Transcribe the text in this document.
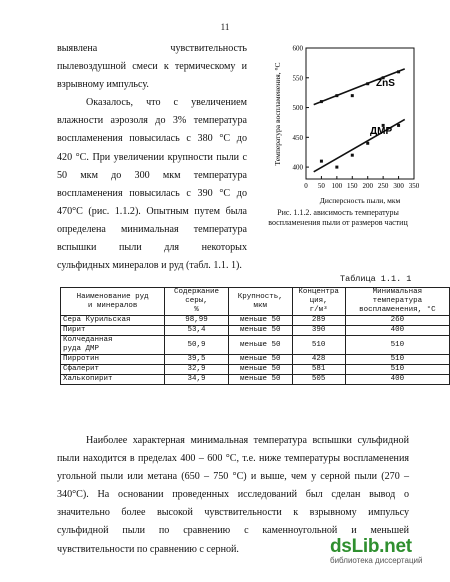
11

выявлена чувствительность
пылевоздушной смеси к термическому и
взрывному импульсу.

Оказалось, что с увеличением
влажности аэрозоля до 3% температура
воспламенения повысилась с 380 °С до
420 °С. При увеличении крупности пыли с
50 мкм до 300 мкм температура
воспламенения повысилась с 390 °С до
470°С (рис. 1.1.2). Опытным путем была
определена минимальная температура
вспышки пыли для некоторых
сульфидных минералов и руд (табл. 1.1. 1).

400
450
500
550
600
0 50 100 150 200 250 300 350
Температура воспламенения, °С
Дисперсность пыли, мкм
ZnS
ДМР
Рис. 1.1.2. ависимость температуры
воспламенения пыли от размеров частиц
Таблица 1.1. 1
Наименование руд
и минералов	Содержание
серы,
%	Крупность,
мкм	Концентра
ция,
г/м³	Минимальная
температура
воспламенения, °С
Сера Курильская	98,99	меньше 50	289	260
Пирит	53,4	меньше 50	390	400
Колчеданная
руда ДМР	50,9	меньше 50	510	510
Пирротин	39,5	меньше 50	428	510
Сфалерит	32,9	меньше 50	581	510
Халькопирит	34,9	меньше 50	505	400

Наиболее характерная минимальная температура вспышки сульфидной пыли находится в пределах 400 – 600 °С, т.е. ниже температуры воспламенения угольной пыли или метана (650 – 750 °С) и выше, чем у серной пыли (270 – 340°С). На основании проведенных исследований был сделан вывод о значительно более высокой чувствительности к взрывному импульсу сульфидной пыли по сравнению с каменноугольной и меньшей чувствительности по сравнению с серной.	dsLib.net
библиотека диссертаций
